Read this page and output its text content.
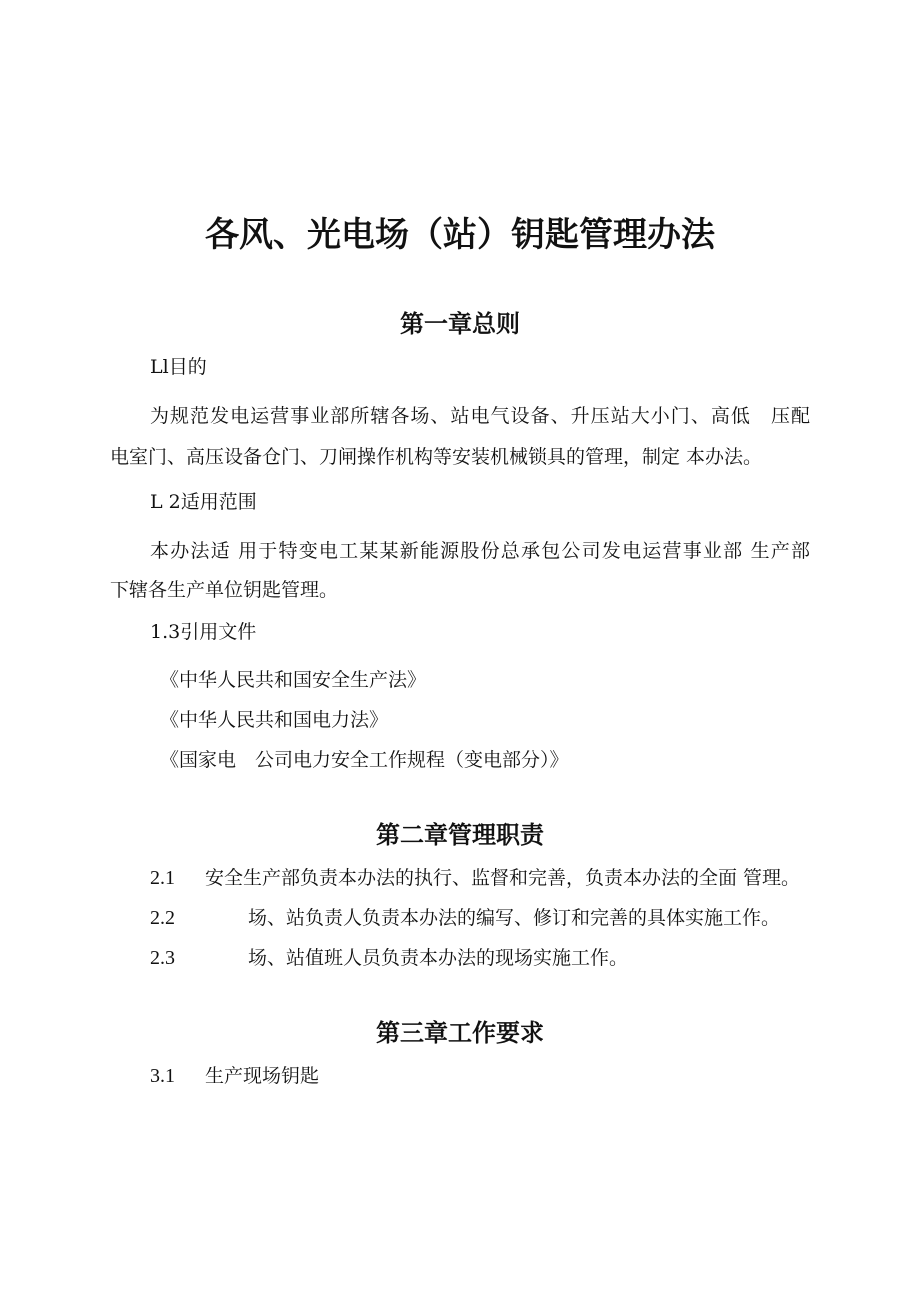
各风、光电场（站）钥匙管理办法
第一章总则
Ll目的
为规范发电运营事业部所辖各场、站电气设备、升压站大小门、高低　压配
电室门、高压设备仓门、刀闸操作机构等安装机械锁具的管理，制定 本办法。
L 2适用范围
本办法适 用于特变电工某某新能源股份总承包公司发电运营事业部 生产部
下辖各生产单位钥匙管理。
1.3引用文件
《中华人民共和国安全生产法》
《中华人民共和国电力法》
《国家电　公司电力安全工作规程（变电部分）》
第二章管理职责
2.1 安全生产部负责本办法的执行、监督和完善，负责本办法的全面 管理。
2.2	场、站负责人负责本办法的编写、修订和完善的具体实施工作。
2.3	场、站值班人员负责本办法的现场实施工作。
第三章工作要求
3.1 生产现场钥匙
